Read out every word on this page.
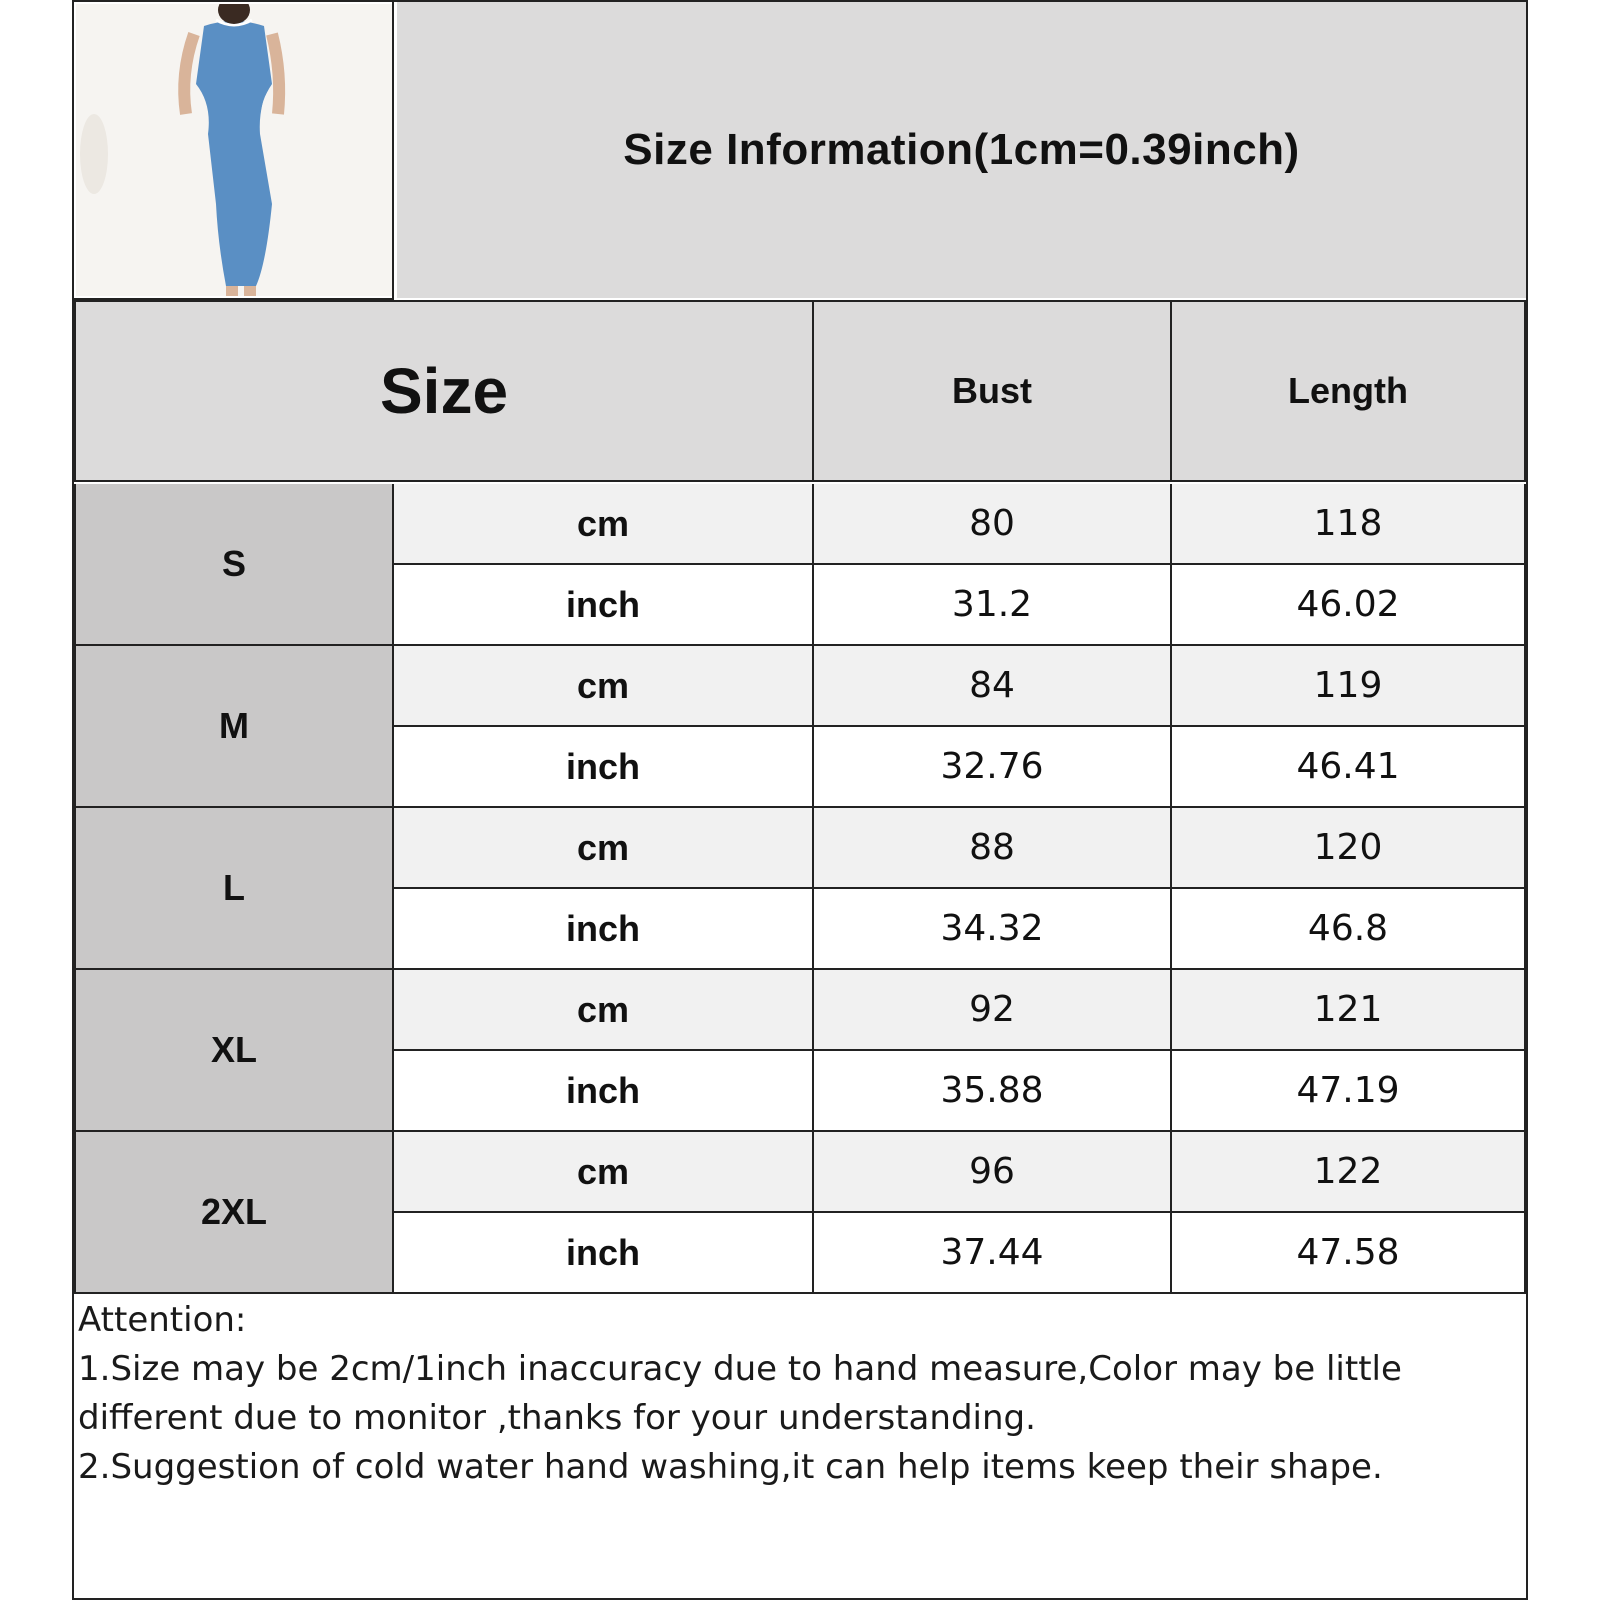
Size Information(1cm=0.39inch)
Size	Bust	Length
S
cm	80	118
inch	31.2	46.02
M
cm	84	119
inch	32.76	46.41
L
cm	88	120
inch	34.32	46.8
XL
cm	92	121
inch	35.88	47.19
2XL
cm	96	122
inch	37.44	47.58
Attention:
1.Size may be 2cm/1inch inaccuracy due to hand measure,Color may be little
different due to monitor ,thanks for your understanding.
2.Suggestion of cold water hand washing,it can help items keep their shape.
